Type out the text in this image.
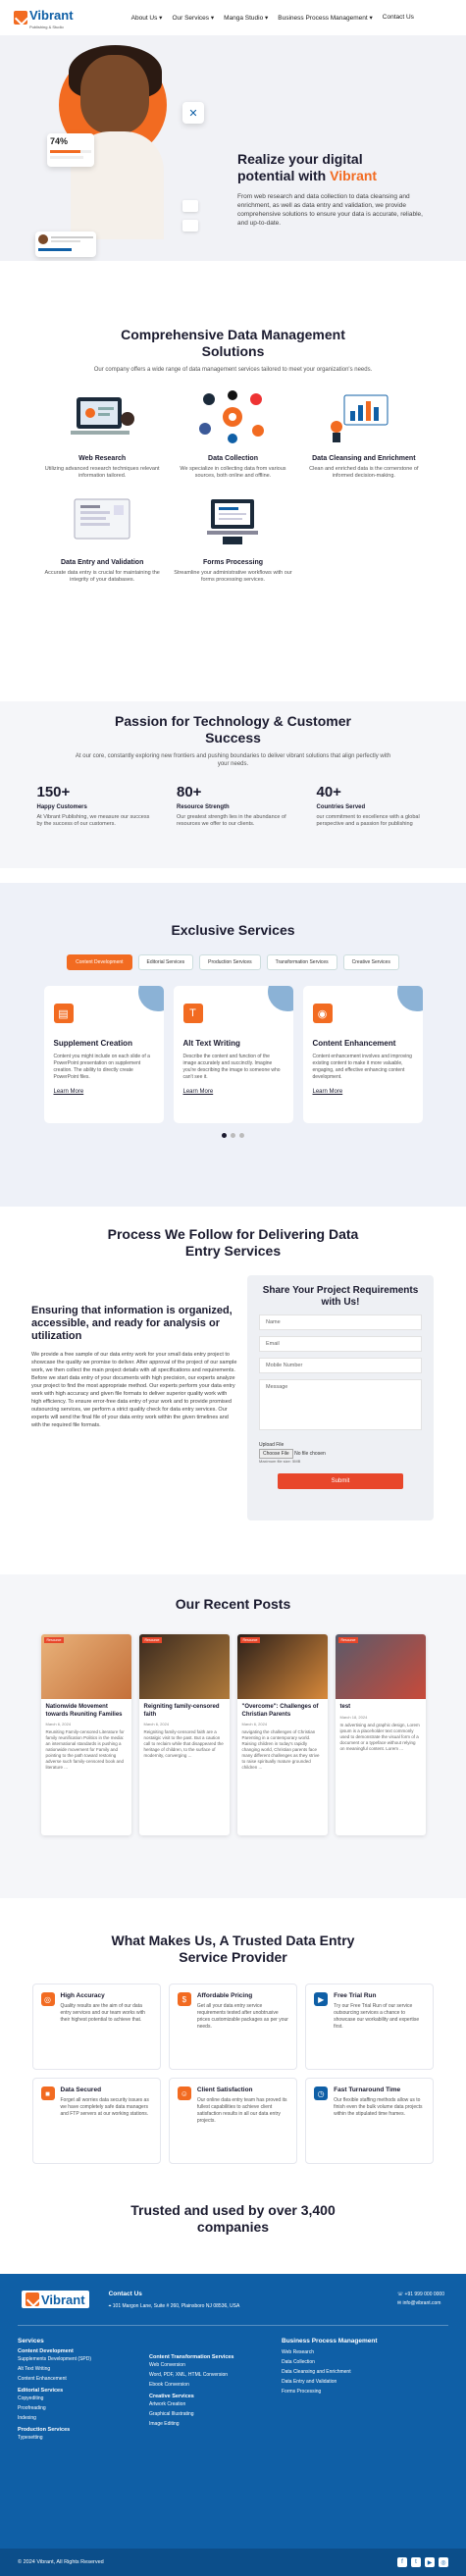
Vibrant
Publishing & Studio
About Us ▾ Our Services ▾ Manga Studio ▾ Business Process Management ▾ Contact Us
74%
✕
Realize your digital
potential with Vibrant
From web research and data collection to data cleansing and enrichment, as well as data entry and validation, we provide comprehensive solutions to ensure your data is accurate, reliable, and up-to-date.
Comprehensive Data Management Solutions
Our company offers a wide range of data management services tailored to meet your organization's needs.
Web Research
Utilizing advanced research techniques relevant information tailored.
Data Collection
We specialize in collecting data from various sources, both online and offline.
Data Cleansing and Enrichment
Clean and enriched data is the cornerstone of informed decision-making.
Data Entry and Validation
Accurate data entry is crucial for maintaining the integrity of your databases.
Forms Processing
Streamline your administrative workflows with our forms processing services.
Passion for Technology & Customer Success
At our core, constantly exploring new frontiers and pushing boundaries to deliver vibrant solutions that align perfectly with your needs.
150+
Happy Customers
At Vibrant Publishing, we measure our success by the success of our customers.
80+
Resource Strength
Our greatest strength lies in the abundance of resources we offer to our clients.
40+
Countries Served
our commitment to excellence with a global perspective and a passion for publishing
Exclusive Services
Content Development	Editorial Services	Production Services	Transformation Services	Creative Services
▤
Supplement Creation
Content you might include on each slide of a PowerPoint presentation on supplement creation. The ability to directly create PowerPoint files.
Learn More
T
Alt Text Writing
Describe the content and function of the image accurately and succinctly. Imagine you're describing the image to someone who can't see it.
Learn More
◉
Content Enhancement
Content enhancement involves and improving existing content to make it more valuable, engaging, and effective enhancing content development.
Learn More
Process We Follow for Delivering Data Entry Services
Ensuring that information is organized, accessible, and ready for analysis or utilization
We provide a free sample of our data entry work for your small data entry project to showcase the quality we promise to deliver. After approval of the project of our sample work, we then collect the main project details with all specifications and requirements. Before we start data entry of your documents with high precision, our experts analyze your project to find the most appropriate method. Our experts perform your data entry work with high accuracy and given file formats to deliver superior quality work with high efficiency. To ensure error-free data entry of your work and to provide promised outsourcing services, we perform a strict quality check for data entry services. Our experts will send the final file of your data entry work within the given timelines and with the required file formats.
Share Your Project Requirements with Us!
Name
Email
Mobile Number
Message
Upload File
Choose File No file chosen
Maximum file size: 5MB
Submit
Our Recent Posts
Resource
Nationwide Movement towards Reuniting Families
March 6, 2024
Reuniting Family-censored Literature for family reunification Politics in the media: an international standards is pushing a nationwide movement for Family and pointing to the path toward restoring adverse such family-censored book and literature ...
Resource
Reigniting family-censored faith
March 6, 2024
Reigniting family-censored faith are a nostalgic visit to the past. But a caution call to reclaim while that disappeared the heritage of children, to the surface of modernity, converging ...
Resource
"Overcome": Challenges of Christian Parents
March 6, 2024
navigating the challenges of Christian Parenting in a contemporary world. Raising children in today's rapidly changing world, Christian parents face many different challenges as they strive to raise spiritually mature grounded children ...
Resource
test
March 18, 2024
In advertising and graphic design, Lorem ipsum is a placeholder text commonly used to demonstrate the visual form of a document or a typeface without relying on meaningful content. Lorem ...
What Makes Us, A Trusted Data Entry Service Provider
◎	High Accuracy
Quality results are the aim of our data entry services and our team works with their highest potential to achieve that.
$	Affordable Pricing
Get all your data entry service requirements tested after unobtrusive prices customizable packages as per your needs.
▶	Free Trial Run
Try our Free Trial Run of our service outsourcing services a chance to showcase our workability and expertise first.
■	Data Secured
Forget all worries data security issues as we have completely safe data managers and FTP servers at our working stations.
☺	Client Satisfaction
Our online data entry team has proved its fullest capabilities to achieve client satisfaction results in all our data entry projects.
◷	Fast Turnaround Time
Our flexible staffing methods allow us to finish even the bulk volume data projects within the stipulated time frames.
Trusted and used by over 3,400 companies
Vibrant	Contact Us
⌖ 101 Margon Lane, Suite # 260, Plainsboro NJ 08536, USA
☏ +91 999 000 0000
✉ info@vibrant.com
Services
Content Development
Supplements Development (SPD)
Alt Text Writing
Content Enhancement
Editorial Services
Copyediting
Proofreading
Indexing
Production Services
Typesetting
Content Transformation Services
Web Conversion
Word, PDF, XML, HTML Conversion
Ebook Conversion
Creative Services
Artwork Creation
Graphical Illustrating
Image Editing
Business Process Management
Web Research
Data Collection
Data Cleansing and Enrichment
Data Entry and Validation
Forms Processing
© 2024 Vibrant, All Rights Reserved	f	t	▶	◎
